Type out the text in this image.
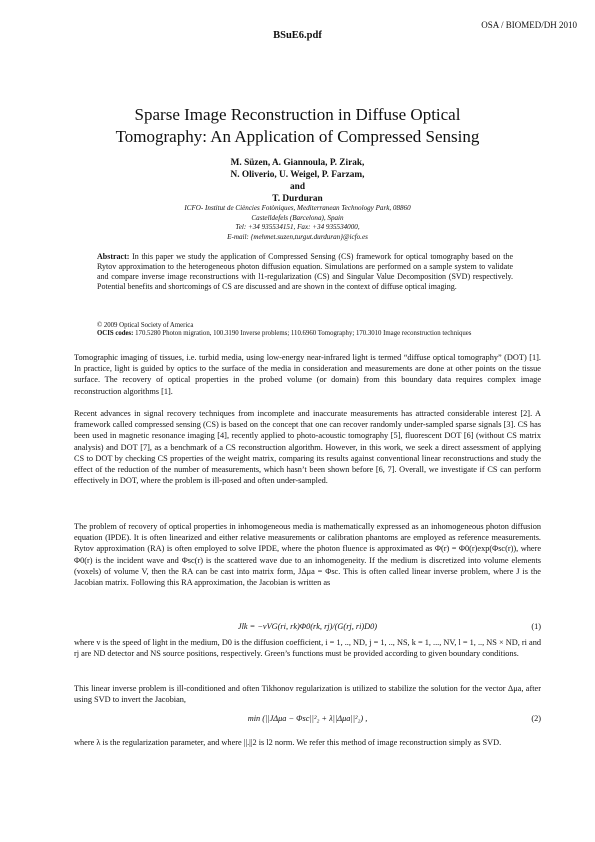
OSA / BIOMED/DH 2010
BSuE6.pdf
Sparse Image Reconstruction in Diffuse Optical
Tomography: An Application of Compressed Sensing
M. Süzen, A. Giannoula, P. Zirak,
N. Oliverio, U. Weigel, P. Farzam,
and
T. Durduran
ICFO- Institut de Ciències Fotòniques, Mediterranean Technology Park, 08860
Castelldefels (Barcelona), Spain
Tel: +34 935534151, Fax: +34 935534000,
E-mail: {mehmet.suzen,turgut.durduran}@icfo.es
Abstract: In this paper we study the application of Compressed Sensing (CS) framework for optical tomography based on the Rytov approximation to the heterogeneous photon diffusion equation. Simulations are performed on a sample system to validate and compare inverse image reconstructions with l1-regularization (CS) and Singular Value Decomposition (SVD) respectively. Potential benefits and shortcomings of CS are discussed and are shown in the context of diffuse optical imaging.
© 2009 Optical Society of America
OCIS codes: 170.5280 Photon migration, 100.3190 Inverse problems; 110.6960 Tomography; 170.3010 Image reconstruction techniques
Tomographic imaging of tissues, i.e. turbid media, using low-energy near-infrared light is termed “diffuse optical tomography” (DOT) [1]. In practice, light is guided by optics to the surface of the media in consideration and measurements are done at other points on the tissue surface. The recovery of optical properties in the probed volume (or domain) from this boundary data requires complex image reconstruction algorithms [1].
Recent advances in signal recovery techniques from incomplete and inaccurate measurements has attracted considerable interest [2]. A framework called compressed sensing (CS) is based on the concept that one can recover randomly under-sampled sparse signals [3]. CS has been used in magnetic resonance imaging [4], recently applied to photo-acoustic tomography [5], fluorescent DOT [6] (without CS matrix analysis) and DOT [7], as a benchmark of a CS reconstruction algorithm. However, in this work, we seek a direct assessment of applying CS to DOT by checking CS properties of the weight matrix, comparing its results against conventional linear reconstructions and study the effect of the reduction of the number of measurements, which hasn’t been shown before [6, 7]. Overall, we investigate if CS can perform effectively in DOT, where the problem is ill-posed and often under-sampled.
The problem of recovery of optical properties in inhomogeneous media is mathematically expressed as an inhomogeneous photon diffusion equation (IPDE). It is often linearized and either relative measurements or calibration phantoms are employed as reference measurements. Rytov approximation (RA) is often employed to solve IPDE, where the photon fluence is approximated as Φ(r) = Φ0(r)exp(Φsc(r)), where Φ0(r) is the incident wave and Φsc(r) is the scattered wave due to an inhomogeneity. If the medium is discretized into volume elements (voxels) of volume V, then the RA can be cast into matrix form, JΔμa = Φsc. This is often called linear inverse problem, where J is the Jacobian matrix. Following this RA approximation, the Jacobian is written as
Jlk = −vVG(ri, rk)Φ0(rk, rj)/(G(rj, ri)D0)	(1)
where v is the speed of light in the medium, D0 is the diffusion coefficient, i = 1, .., ND, j = 1, .., NS, k = 1, ..., NV, l = 1, .., NS × ND, ri and rj are ND detector and NS source positions, respectively. Green’s functions must be provided according to given boundary conditions.
This linear inverse problem is ill-conditioned and often Tikhonov regularization is utilized to stabilize the solution for the vector Δμa, after using SVD to invert the Jacobian,
min (||JΔμa − Φsc||²₂ + λ||Δμa||²₂) ,	(2)
where λ is the regularization parameter, and where ||.||2 is l2 norm. We refer this method of image reconstruction simply as SVD.
